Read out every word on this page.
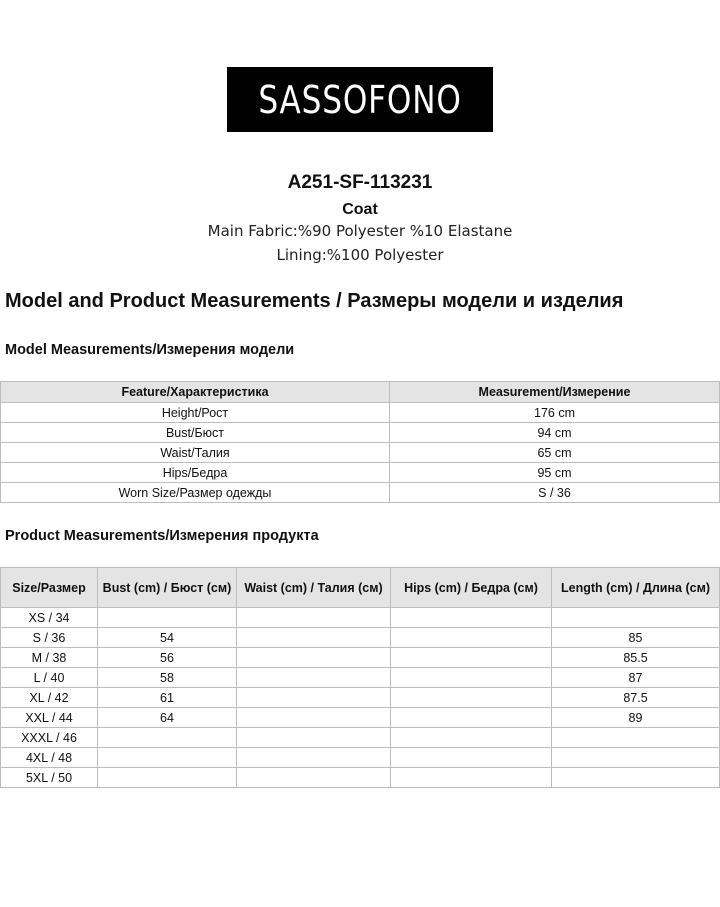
SASSOFONO
A251-SF-113231
Coat
Main Fabric:%90 Polyester %10 Elastane
Lining:%100 Polyester
Model and Product Measurements / Размеры модели и изделия
Model Measurements/Измерения модели
Feature/Характеристика	Measurement/Измерение
Height/Рост	176 cm
Bust/Бюст	94 cm
Waist/Талия	65 cm
Hips/Бедра	95 cm
Worn Size/Размер одежды	S / 36
Product Measurements/Измерения продукта
Size/Размер	Bust (cm) / Бюст (см)	Waist (cm) / Талия (см)	Hips (cm) / Бедра (см)	Length (cm) / Длина (см)
XS / 34				
S / 36	54			85
M / 38	56			85.5
L / 40	58			87
XL / 42	61			87.5
XXL / 44	64			89
XXXL / 46				
4XL / 48				
5XL / 50				
